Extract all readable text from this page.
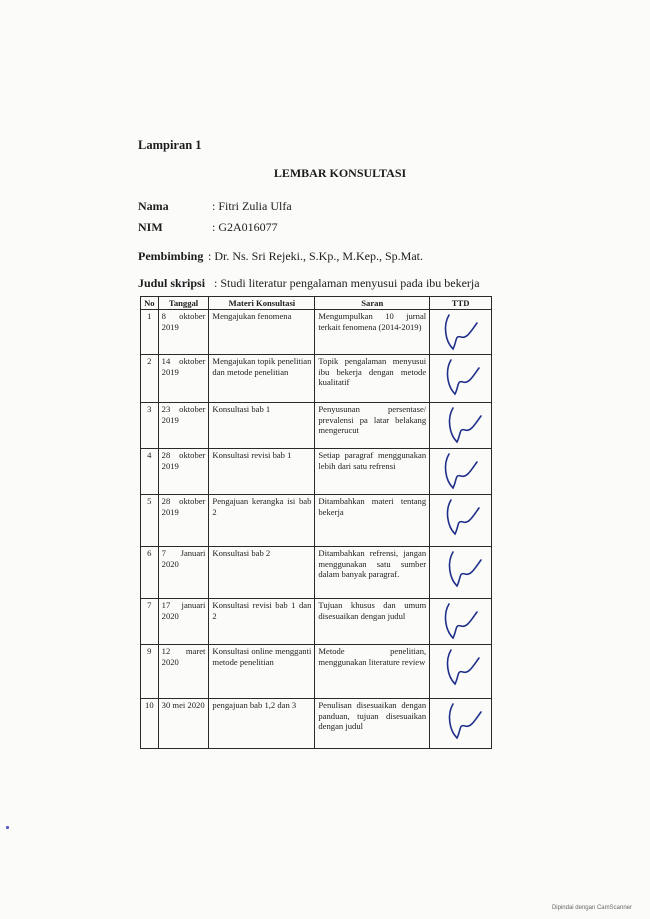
Lampiran 1
LEMBAR KONSULTASI
Nama	: Fitri Zulia Ulfa
NIM	: G2A016077
Pembimbing : Dr. Ns. Sri Rejeki., S.Kp., M.Kep., Sp.Mat.
Judul skripsi : Studi literatur pengalaman menyusui pada ibu bekerja
No	Tanggal	Materi Konsultasi	Saran	TTD
1	8 oktober 2019	Mengajukan fenomena	Mengumpulkan 10 jurnal terkait fenomena (2014-2019)	

2	14 oktober 2019	Mengajukan topik penelitian dan metode penelitian	Topik pengalaman menyusui ibu bekerja dengan metode kualitatif	

3	23 oktober 2019	Konsultasi bab 1	Penyusunan persentase/ prevalensi pa latar belakang mengerucut	

4	28 oktober 2019	Konsultasi revisi bab 1	Setiap paragraf menggunakan lebih dari satu refrensi	

5	28 oktober 2019	Pengajuan kerangka isi bab 2	Ditambahkan materi tentang bekerja	

6	7 Januari 2020	Konsultasi bab 2	Ditambahkan refrensi, jangan menggunakan satu sumber dalam banyak paragraf.	

7	17 januari 2020	Konsultasi revisi bab 1 dan 2	Tujuan khusus dan umum disesuaikan dengan judul	

9	12 maret 2020	Konsultasi online mengganti metode penelitian	Metode penelitian, menggunakan literature review	

10	30 mei 2020	pengajuan bab 1,2 dan 3	Penulisan disesuaikan dengan panduan, tujuan disesuaikan dengan judul	
Dipindai dengan CamScanner
